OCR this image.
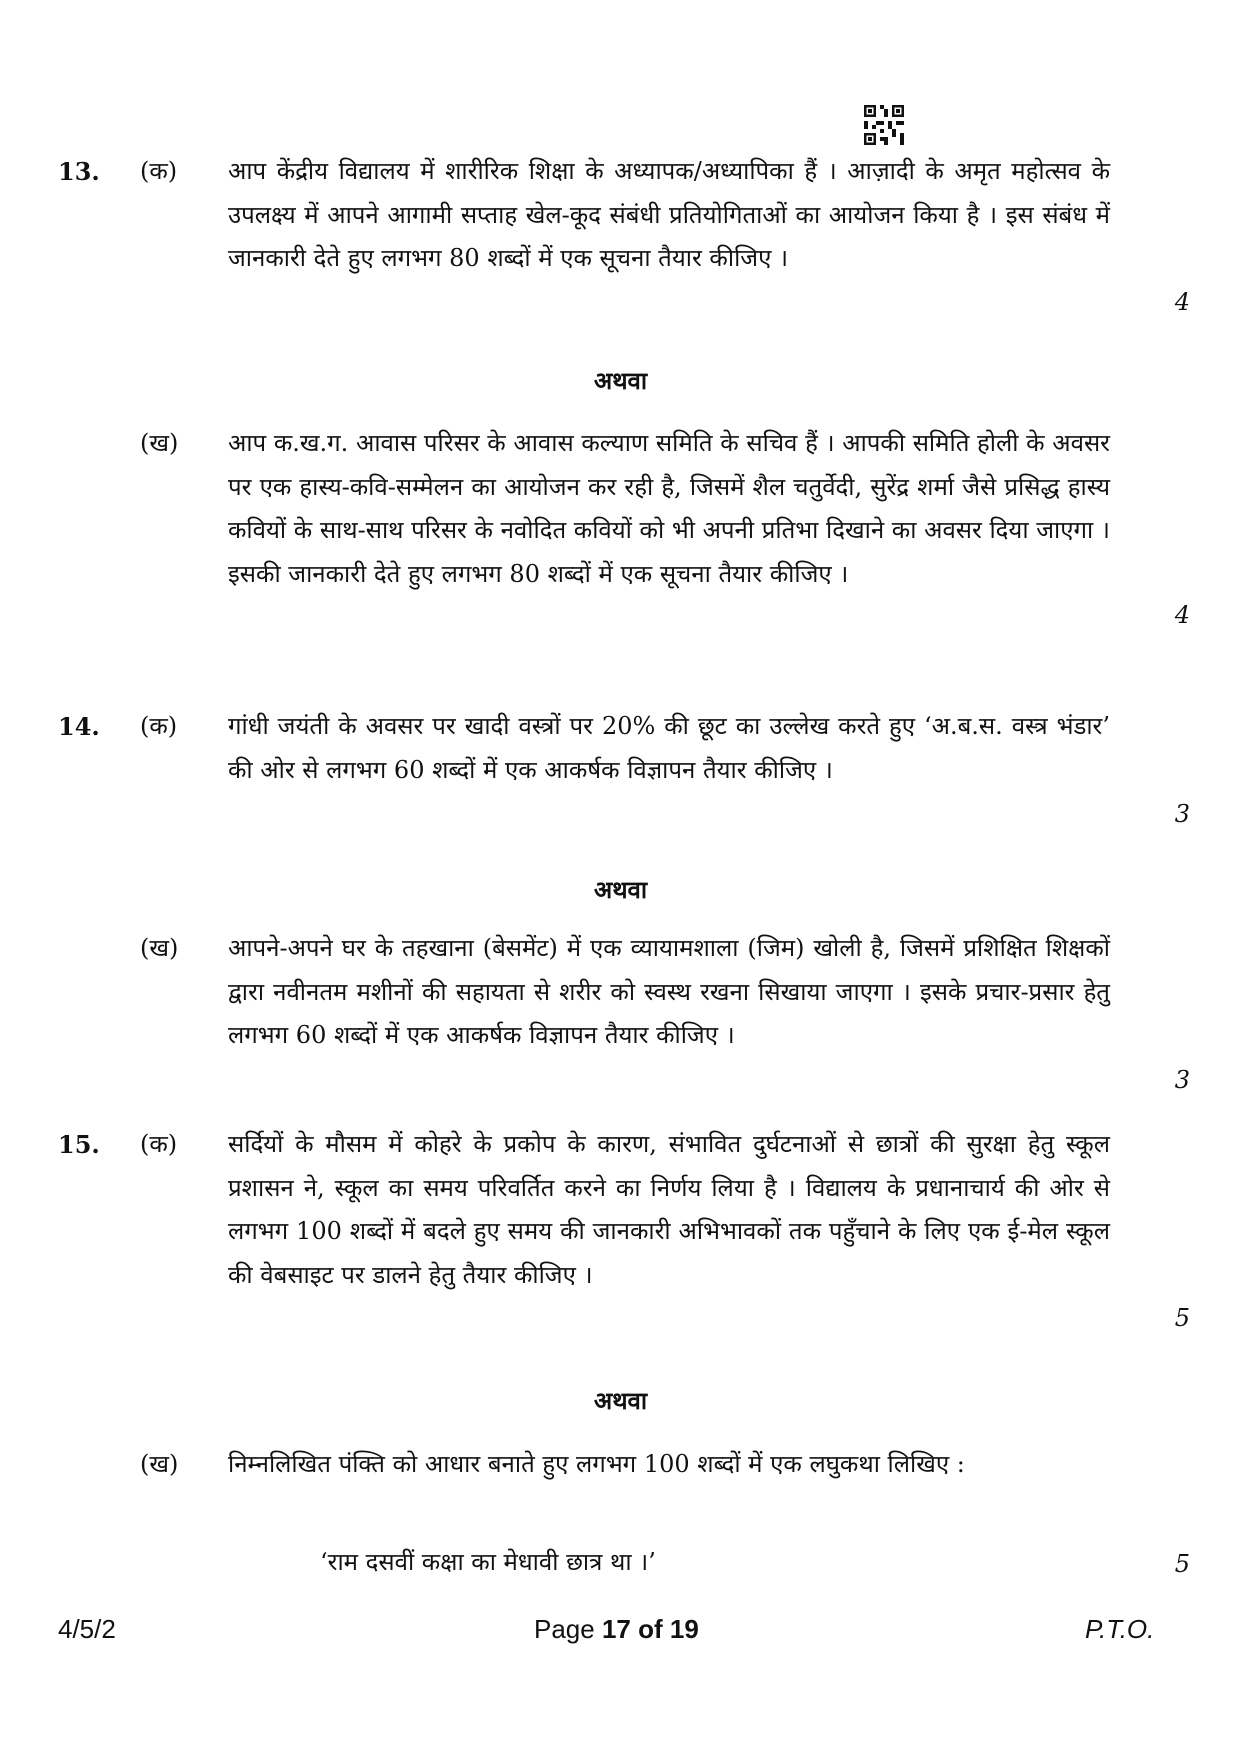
13. (क) आप केंद्रीय विद्यालय में शारीरिक शिक्षा के अध्यापक/अध्यापिका हैं । आज़ादी के अमृत महोत्सव के उपलक्ष्य में आपने आगामी सप्ताह खेल-कूद संबंधी प्रतियोगिताओं का आयोजन किया है । इस संबंध में जानकारी देते हुए लगभग 80 शब्दों में एक सूचना तैयार कीजिए ।
4
अथवा
(ख) आप क.ख.ग. आवास परिसर के आवास कल्याण समिति के सचिव हैं । आपकी समिति होली के अवसर पर एक हास्य-कवि-सम्मेलन का आयोजन कर रही है, जिसमें शैल चतुर्वेदी, सुरेंद्र शर्मा जैसे प्रसिद्ध हास्य कवियों के साथ-साथ परिसर के नवोदित कवियों को भी अपनी प्रतिभा दिखाने का अवसर दिया जाएगा । इसकी जानकारी देते हुए लगभग 80 शब्दों में एक सूचना तैयार कीजिए ।
4
14. (क) गांधी जयंती के अवसर पर खादी वस्त्रों पर 20% की छूट का उल्लेख करते हुए ‘अ.ब.स. वस्त्र भंडार’ की ओर से लगभग 60 शब्दों में एक आकर्षक विज्ञापन तैयार कीजिए ।
3
अथवा
(ख) आपने-अपने घर के तहखाना (बेसमेंट) में एक व्यायामशाला (जिम) खोली है, जिसमें प्रशिक्षित शिक्षकों द्वारा नवीनतम मशीनों की सहायता से शरीर को स्वस्थ रखना सिखाया जाएगा । इसके प्रचार-प्रसार हेतु लगभग 60 शब्दों में एक आकर्षक विज्ञापन तैयार कीजिए ।
3
15. (क) सर्दियों के मौसम में कोहरे के प्रकोप के कारण, संभावित दुर्घटनाओं से छात्रों की सुरक्षा हेतु स्कूल प्रशासन ने, स्कूल का समय परिवर्तित करने का निर्णय लिया है । विद्यालय के प्रधानाचार्य की ओर से लगभग 100 शब्दों में बदले हुए समय की जानकारी अभिभावकों तक पहुँचाने के लिए एक ई-मेल स्कूल की वेबसाइट पर डालने हेतु तैयार कीजिए ।
5
अथवा
(ख) निम्नलिखित पंक्ति को आधार बनाते हुए लगभग 100 शब्दों में एक लघुकथा लिखिए :
‘राम दसवीं कक्षा का मेधावी छात्र था ।’	5
4/5/2	Page 17 of 19	P.T.O.
